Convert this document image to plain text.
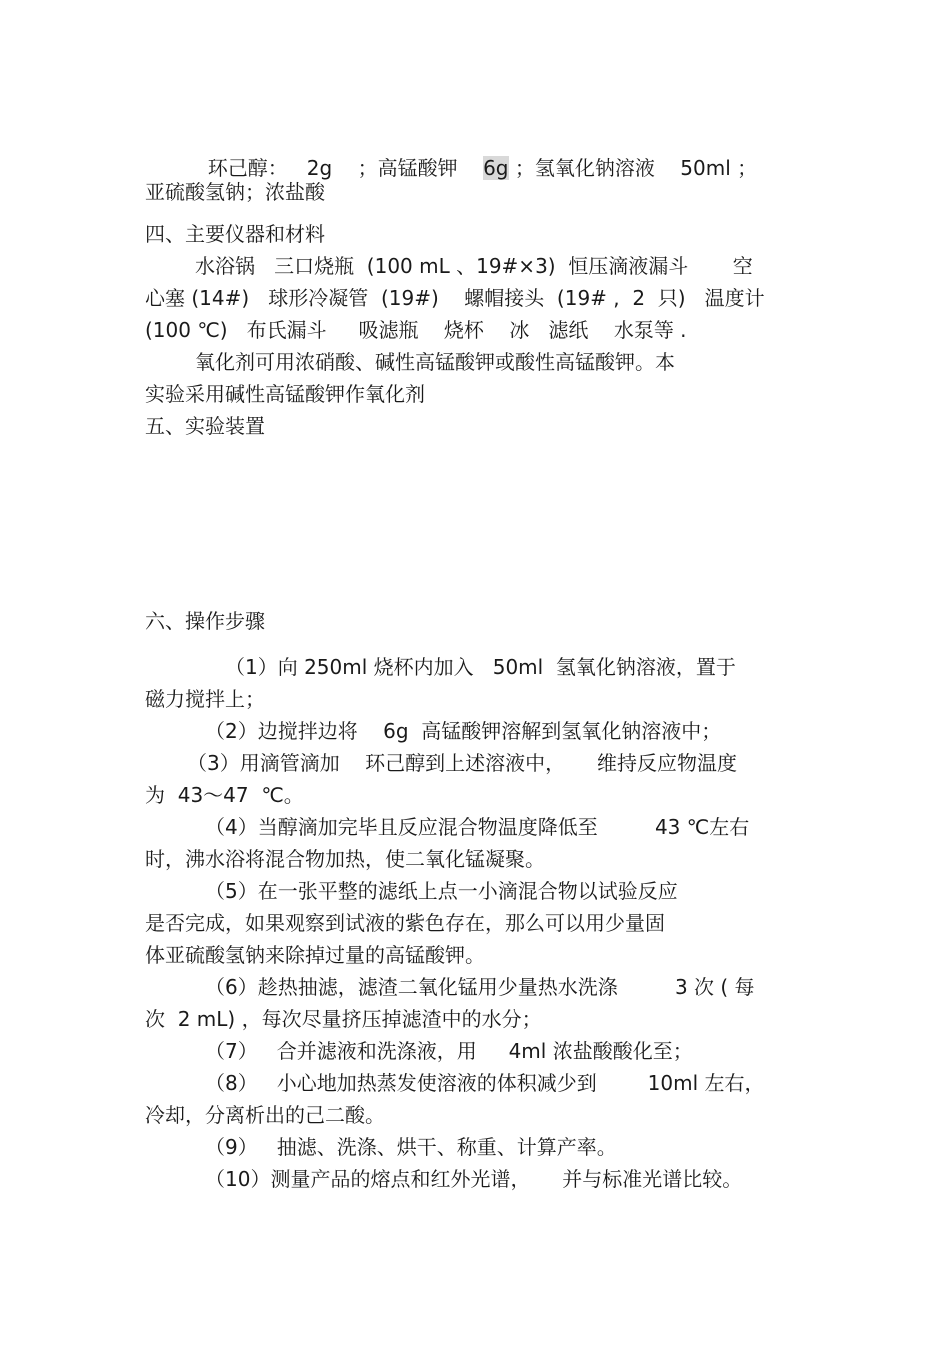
环己醇：   2g    ；高锰酸钾    6g ；氢氧化钠溶液    50ml ；

亚硫酸氢钠；浓盐酸
四、主要仪器和材料
水浴锅   三口烧瓶  (100 mL 、19#×3)  恒压滴液漏斗       空
心塞 (14#)   球形冷凝管  (19#)    螺帽接头  (19# ,  2  只)   温度计
(100 ℃)   布氏漏斗     吸滤瓶    烧杯    冰   滤纸    水泵等 .
氧化剂可用浓硝酸、碱性高锰酸钾或酸性高锰酸钾。本
实验采用碱性高锰酸钾作氧化剂
五、实验装置
六、操作步骤
（1）向 250ml 烧杯内加入   50ml  氢氧化钠溶液，置于
磁力搅拌上；
（2）边搅拌边将    6g  高锰酸钾溶解到氢氧化钠溶液中；
（3）用滴管滴加    环己醇到上述溶液中，     维持反应物温度
为  43～47  ℃。
（4）当醇滴加完毕且反应混合物温度降低至         43 ℃左右
时，沸水浴将混合物加热，使二氧化锰凝聚。
（5）在一张平整的滤纸上点一小滴混合物以试验反应
是否完成，如果观察到试液的紫色存在，那么可以用少量固
体亚硫酸氢钠来除掉过量的高锰酸钾。
（6）趁热抽滤，滤渣二氧化锰用少量热水洗涤         3 次 ( 每
次  2 mL) ，每次尽量挤压掉滤渣中的水分；
（7）   合并滤液和洗涤液，用     4ml 浓盐酸酸化至；
（8）   小心地加热蒸发使溶液的体积减少到        10ml 左右，
冷却，分离析出的己二酸。
（9）   抽滤、洗涤、烘干、称重、计算产率。
（10）测量产品的熔点和红外光谱，     并与标准光谱比较。
